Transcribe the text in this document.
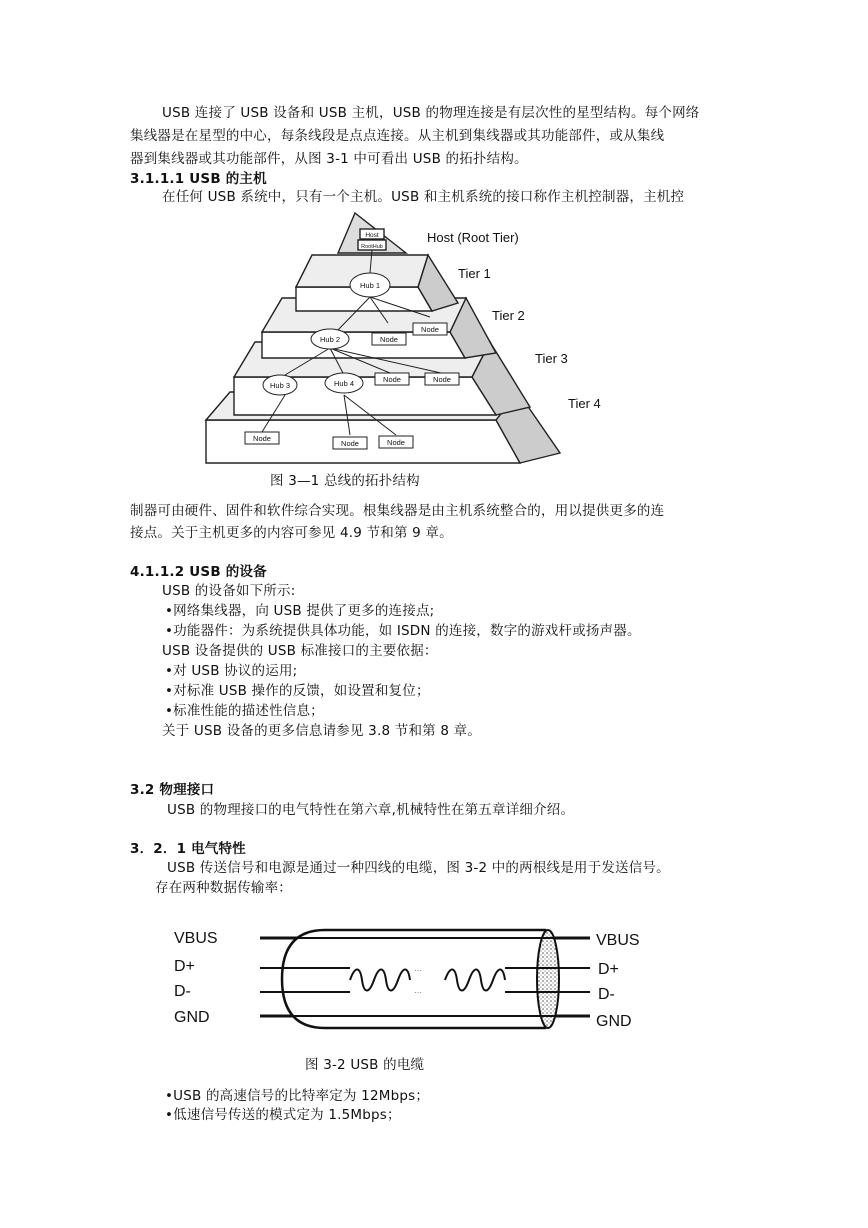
USB 连接了 USB 设备和 USB 主机，USB 的物理连接是有层次性的星型结构。每个网络
集线器是在星型的中心，每条线段是点点连接。从主机到集线器或其功能部件，或从集线
器到集线器或其功能部件，从图 3-1 中可看出 USB 的拓扑结构。
3.1.1.1 USB 的主机
在任何 USB 系统中，只有一个主机。USB 和主机系统的接口称作主机控制器，主机控
Host
RootHub
Hub 1
Hub 2
Hub 3	Hub 4
Node
Node
Node	Node
Node
Node	Node
Host (Root Tier)
Tier 1
Tier 2
Tier 3
Tier 4
图 3—1 总线的拓扑结构
制器可由硬件、固件和软件综合实现。根集线器是由主机系统整合的，用以提供更多的连
接点。关于主机更多的内容可参见 4.9 节和第 9 章。
4.1.1.2 USB 的设备
USB 的设备如下所示:
•网络集线器，向 USB 提供了更多的连接点;
•功能器件：为系统提供具体功能，如 ISDN 的连接，数字的游戏杆或扬声器。
USB 设备提供的 USB 标准接口的主要依据：
•对 USB 协议的运用;
•对标准 USB 操作的反馈，如设置和复位；
•标准性能的描述性信息；
关于 USB 设备的更多信息请参见 3.8 节和第 8 章。
3.2 物理接口
USB 的物理接口的电气特性在第六章,机械特性在第五章详细介绍。
3．2．1 电气特性
USB 传送信号和电源是通过一种四线的电缆，图 3-2 中的两根线是用于发送信号。
存在两种数据传输率：
···
···
VBUS
D+
D-
GND
VBUS
D+
D-
GND
图 3-2 USB 的电缆
•USB 的高速信号的比特率定为 12Mbps；
•低速信号传送的模式定为 1.5Mbps；
